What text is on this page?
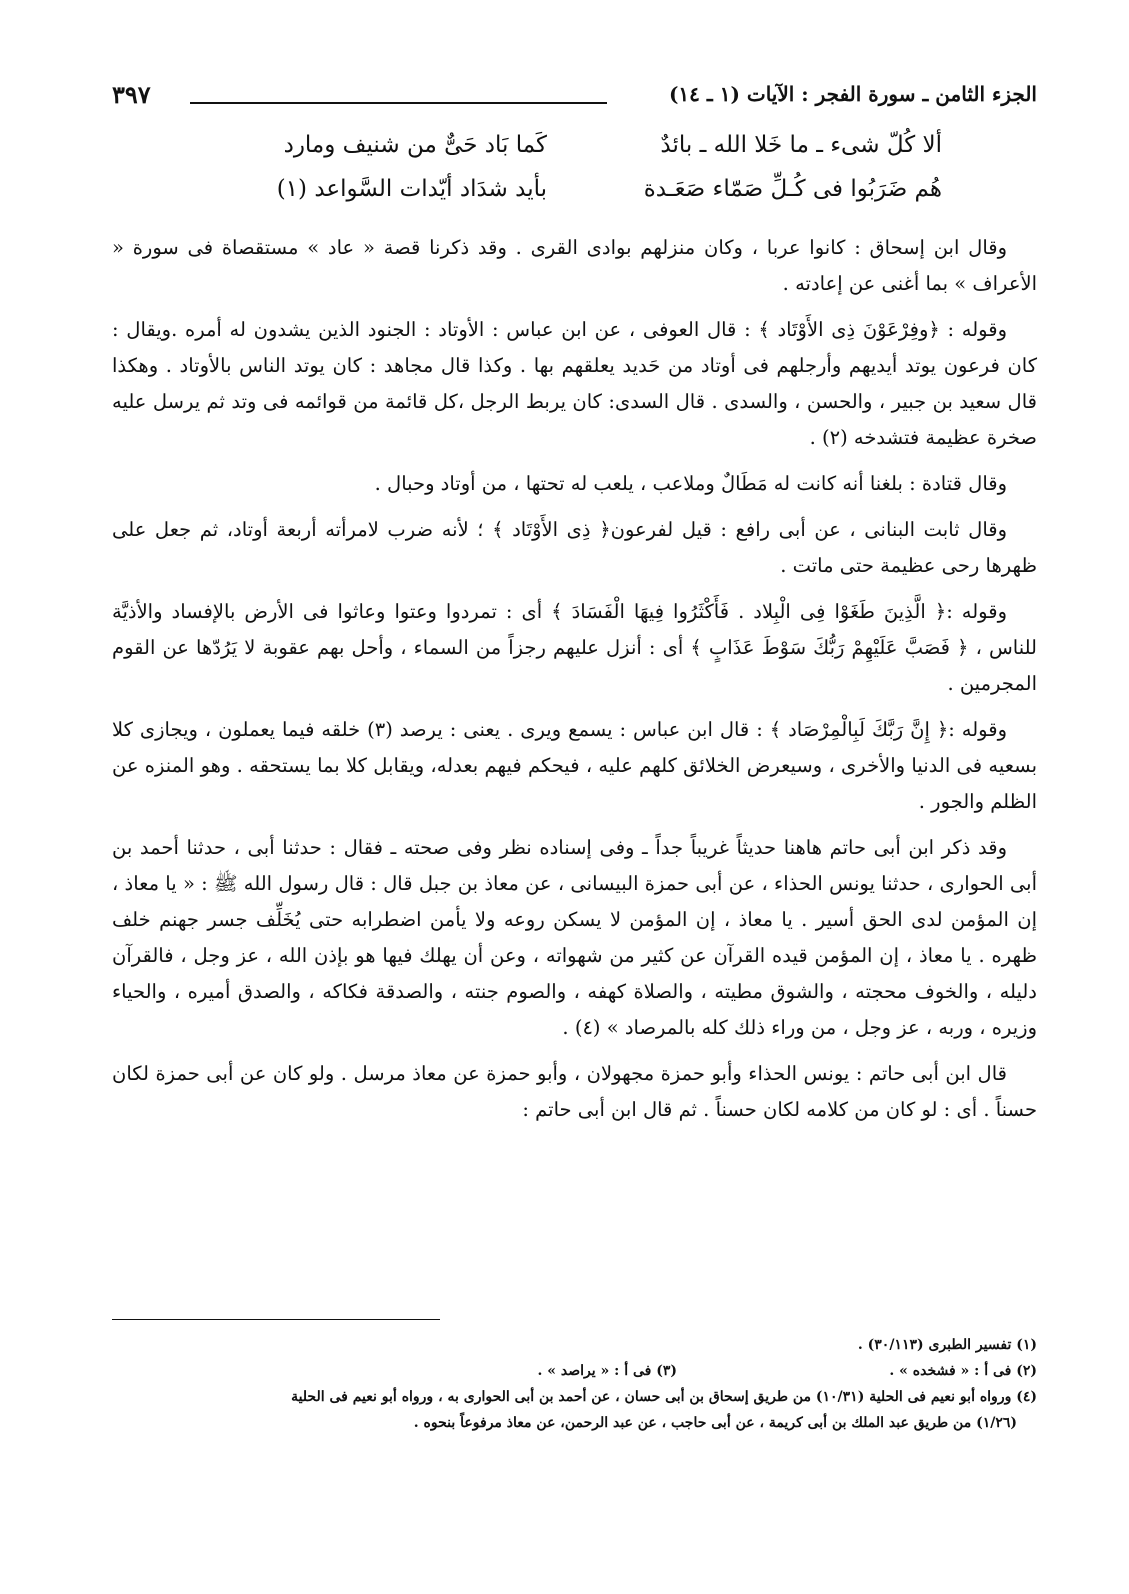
الجزء الثامن ـ سورة الفجر : الآيات (١ ـ ١٤)
٣٩٧
ألا كُلّ شىء ـ ما خَلا الله ـ بائدٌ
كَما بَاد حَىٌّ من شنيف ومارد
هُم ضَرَبُوا فى كُـلِّ صَمّاء صَعَـدة
بأيد شدَاد أيّدات السَّواعد (١)

وقال ابن إسحاق : كانوا عربا ، وكان منزلهم بوادى القرى . وقد ذكرنا قصة « عاد » مستقصاة فى سورة « الأعراف » بما أغنى عن إعادته .

وقوله : ﴿وفِرْعَوْنَ ذِى الأَوْتَاد ﴾ : قال العوفى ، عن ابن عباس : الأوتاد : الجنود الذين يشدون له أمره .ويقال : كان فرعون يوتد أيديهم وأرجلهم فى أوتاد من حَديد يعلقهم بها . وكذا قال مجاهد : كان يوتد الناس بالأوتاد . وهكذا قال سعيد بن جبير ، والحسن ، والسدى . قال السدى: كان يربط الرجل ،كل قائمة من قوائمه فى وتد ثم يرسل عليه صخرة عظيمة فتشدخه (٢) .

وقال قتادة : بلغنا أنه كانت له مَطَالٌ وملاعب ، يلعب له تحتها ، من أوتاد وحبال .

وقال ثابت البنانى ، عن أبى رافع : قيل لفرعون﴿ ذِى الأَوْتَاد ﴾ ؛ لأنه ضرب لامرأته أربعة أوتاد، ثم جعل على ظهرها رحى عظيمة حتى ماتت .

وقوله :﴿ الَّذِينَ طَغَوْا فِى الْبِلاد . فَأَكْثَرُوا فِيهَا الْفَسَادَ ﴾ أى : تمردوا وعتوا وعاثوا فى الأرض بالإفساد والأذيَّة للناس ، ﴿ فَصَبَّ عَلَيْهِمْ رَبُّكَ سَوْطَ عَذَابٍ ﴾ أى : أنزل عليهم رجزاً من السماء ، وأحل بهم عقوبة لا يَرُدّها عن القوم المجرمين .

وقوله :﴿ إِنَّ رَبَّكَ لَبِالْمِرْصَاد ﴾ : قال ابن عباس : يسمع ويرى . يعنى : يرصد (٣) خلقه فيما يعملون ، ويجازى كلا بسعيه فى الدنيا والأخرى ، وسيعرض الخلائق كلهم عليه ، فيحكم فيهم بعدله، ويقابل كلا بما يستحقه . وهو المنزه عن الظلم والجور .

وقد ذكر ابن أبى حاتم هاهنا حديثاً غريباً جداً ـ وفى إسناده نظر وفى صحته ـ فقال : حدثنا أبى ، حدثنا أحمد بن أبى الحوارى ، حدثنا يونس الحذاء ، عن أبى حمزة البيسانى ، عن معاذ بن جبل قال : قال رسول الله ﷺ : « يا معاذ ، إن المؤمن لدى الحق أسير . يا معاذ ، إن المؤمن لا يسكن روعه ولا يأمن اضطرابه حتى يُخَلِّف جسر جهنم خلف ظهره . يا معاذ ، إن المؤمن قيده القرآن عن كثير من شهواته ، وعن أن يهلك فيها هو بإذن الله ، عز وجل ، فالقرآن دليله ، والخوف محجته ، والشوق مطيته ، والصلاة كهفه ، والصوم جنته ، والصدقة فكاكه ، والصدق أميره ، والحياء وزيره ، وربه ، عز وجل ، من وراء ذلك كله بالمرصاد » (٤) .

قال ابن أبى حاتم : يونس الحذاء وأبو حمزة مجهولان ، وأبو حمزة عن معاذ مرسل . ولو كان عن أبى حمزة لكان حسناً . أى : لو كان من كلامه لكان حسناً . ثم قال ابن أبى حاتم :

(١) تفسير الطبرى (٣٠/١١٣) .
(٢) فى أ : « فشخده » .
(٣) فى أ : « يراصد » .
(٤) ورواه أبو نعيم فى الحلية (١٠/٣١) من طريق إسحاق بن أبى حسان ، عن أحمد بن أبى الحوارى به ، ورواه أبو نعيم فى الحلية
(١/٢٦) من طريق عبد الملك بن أبى كريمة ، عن أبى حاجب ، عن عبد الرحمن، عن معاذ مرفوعاً بنحوه .
